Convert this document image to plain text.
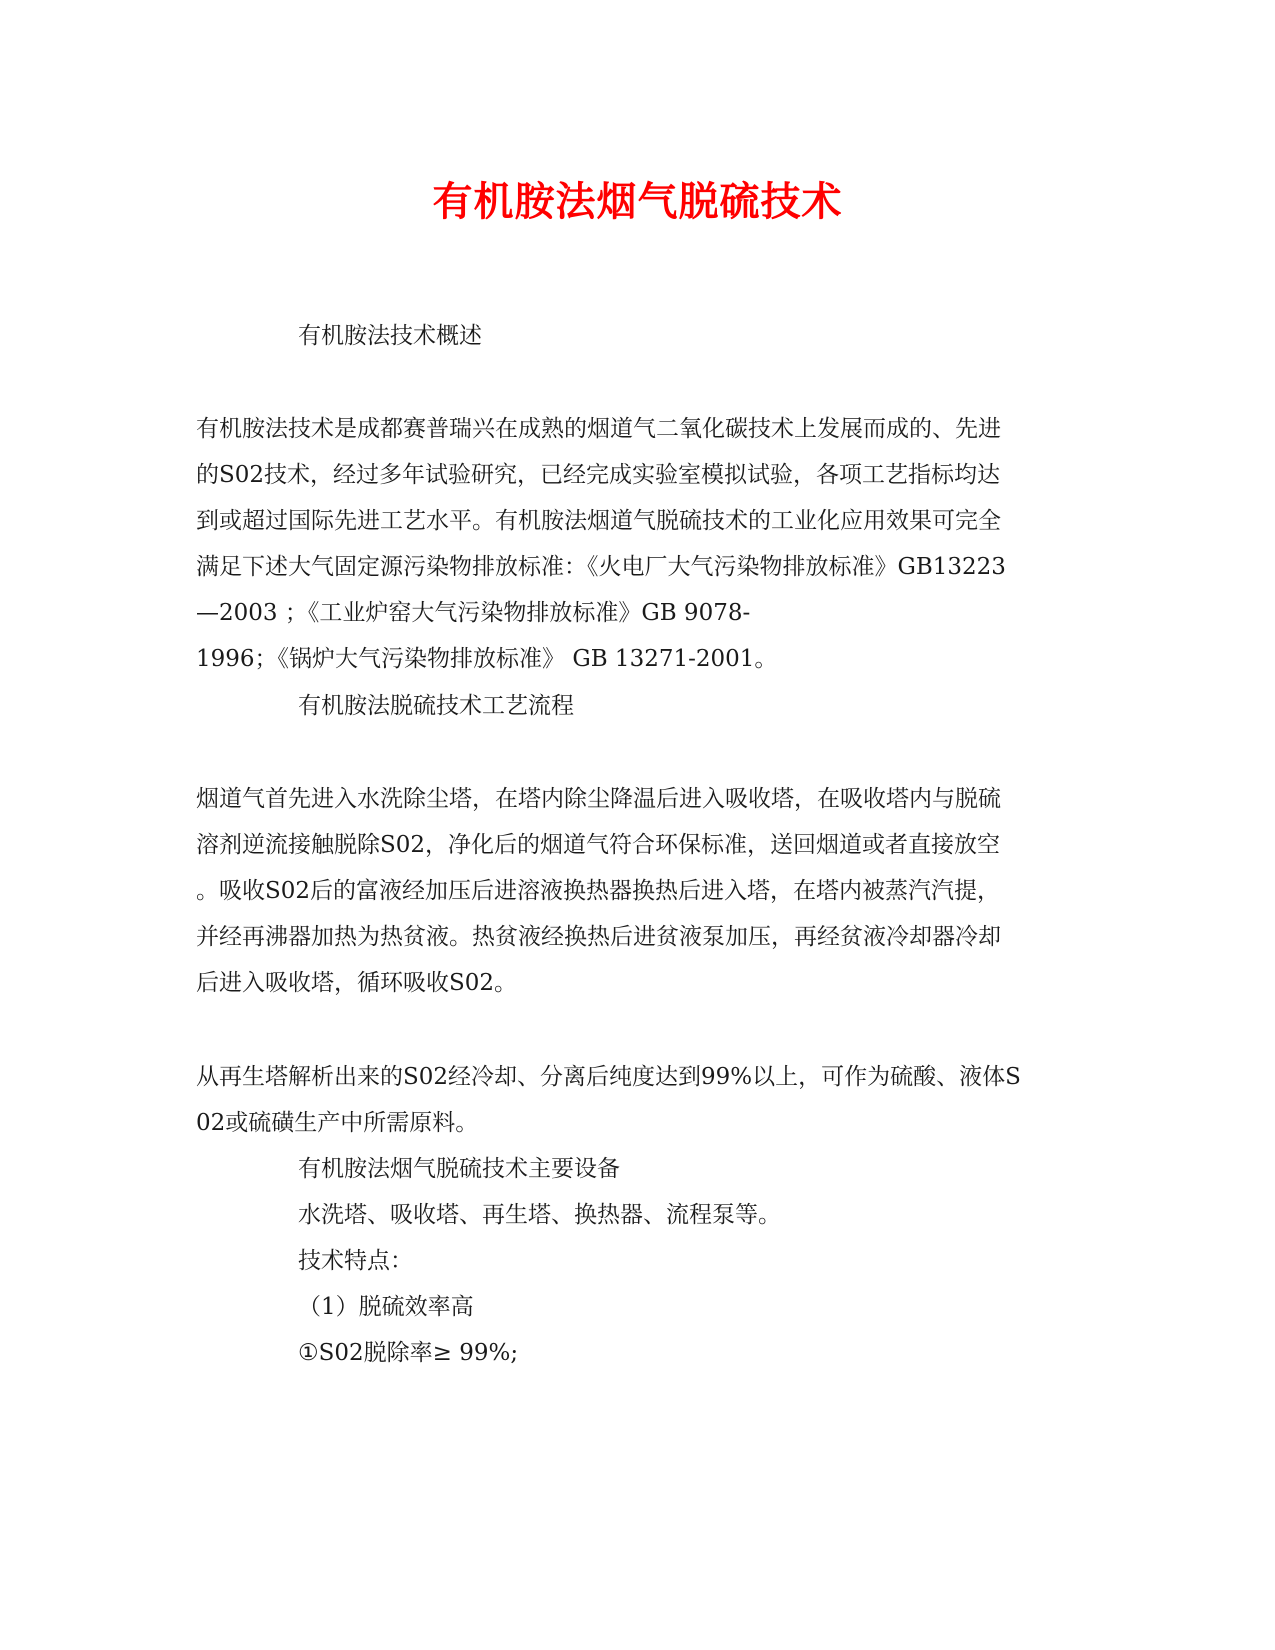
有机胺法烟气脱硫技术
有机胺法技术概述
有机胺法技术是成都赛普瑞兴在成熟的烟道气二氧化碳技术上发展而成的、先进
的S02技术，经过多年试验研究，已经完成实验室模拟试验，各项工艺指标均达
到或超过国际先进工艺水平。有机胺法烟道气脱硫技术的工业化应用效果可完全
满足下述大气固定源污染物排放标准：《火电厂大气污染物排放标准》GB13223
—2003 ；《工业炉窑大气污染物排放标准》GB 9078-
1996；《锅炉大气污染物排放标准》 GB 13271-2001。
有机胺法脱硫技术工艺流程
烟道气首先进入水洗除尘塔，在塔内除尘降温后进入吸收塔，在吸收塔内与脱硫
溶剂逆流接触脱除S02，净化后的烟道气符合环保标准，送回烟道或者直接放空
。吸收S02后的富液经加压后进溶液换热器换热后进入塔，在塔内被蒸汽汽提，
并经再沸器加热为热贫液。热贫液经换热后进贫液泵加压，再经贫液冷却器冷却
后进入吸收塔，循环吸收S02。
从再生塔解析出来的S02经冷却、分离后纯度达到99%以上，可作为硫酸、液体S
02或硫磺生产中所需原料。
有机胺法烟气脱硫技术主要设备
水洗塔、吸收塔、再生塔、换热器、流程泵等。
技术特点：
（1）脱硫效率高
①S02脱除率≥ 99%;
